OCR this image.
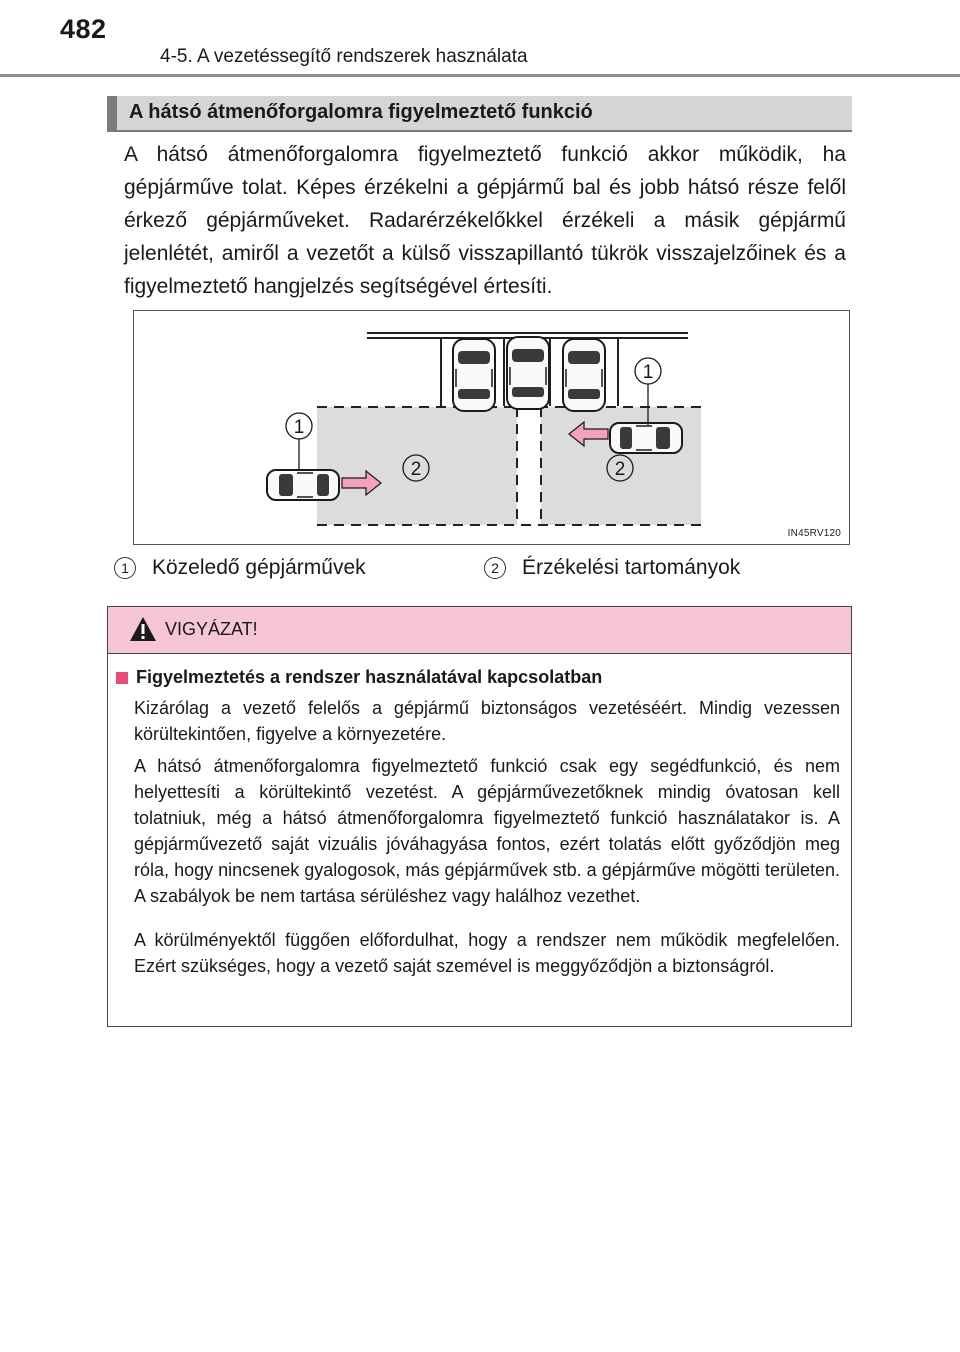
482
4-5. A vezetéssegítő rendszerek használata
A hátsó átmenőforgalomra figyelmeztető funkció

A hátsó átmenőforgalomra figyelmeztető funkció akkor működik, ha gépjárműve tolat. Képes érzékelni a gépjármű bal és jobb hátsó része felől érkező gépjárműveket. Radarérzékelőkkel érzékeli a másik gépjármű jelenlétét, amiről a vezetőt a külső visszapillantó tükrök visszajelzőinek és a figyelmeztető hangjelzés segítségével értesíti.

1
2
1
2
IN45RV120
1	Közeledő gépjárművek	2	Érzékelési tartományok
VIGYÁZAT!
Figyelmeztetés a rendszer használatával kapcsolatban

Kizárólag a vezető felelős a gépjármű biztonságos vezetéséért. Mindig vezessen körültekintően, figyelve a környezetére.

A hátsó átmenőforgalomra figyelmeztető funkció csak egy segédfunkció, és nem helyettesíti a körültekintő vezetést. A gépjárművezetőknek mindig óvatosan kell tolatniuk, még a hátsó átmenőforgalomra figyelmeztető funkció használatakor is. A gépjárművezető saját vizuális jóváhagyása fontos, ezért tolatás előtt győződjön meg róla, hogy nincsenek gyalogosok, más gépjárművek stb. a gépjárműve mögötti területen. A szabályok be nem tartása sérüléshez vagy halálhoz vezethet.

A körülményektől függően előfordulhat, hogy a rendszer nem működik megfelelően. Ezért szükséges, hogy a vezető saját szemével is meggyőződjön a biztonságról.
